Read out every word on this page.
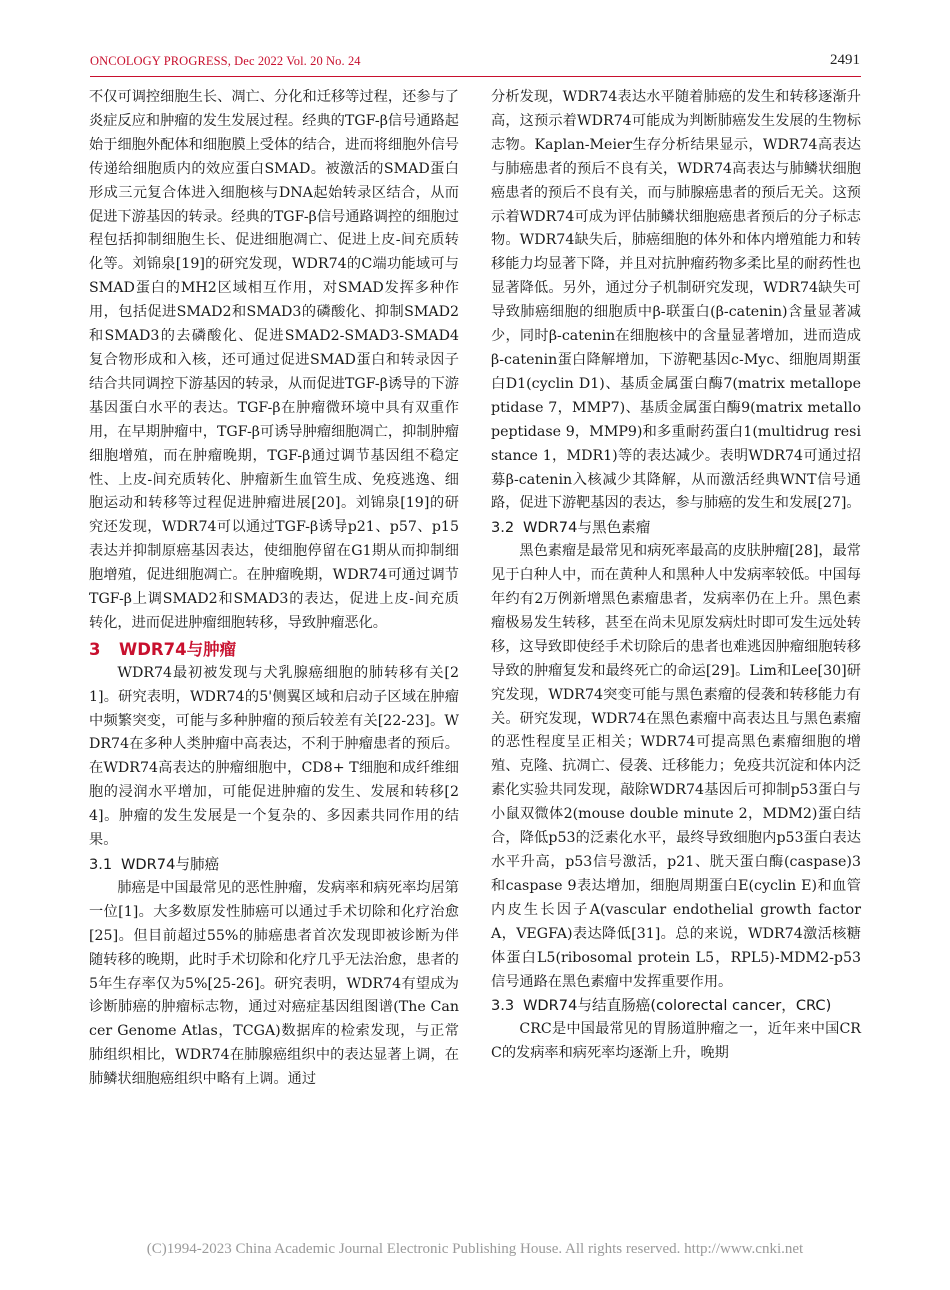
ONCOLOGY PROGRESS, Dec 2022 Vol. 20 No. 24	2491

不仅可调控细胞生长、凋亡、分化和迁移等过程，还参与了炎症反应和肿瘤的发生发展过程。经典的TGF-β信号通路起始于细胞外配体和细胞膜上受体的结合，进而将细胞外信号传递给细胞质内的效应蛋白SMAD。被激活的SMAD蛋白形成三元复合体进入细胞核与DNA起始转录区结合，从而促进下游基因的转录。经典的TGF-β信号通路调控的细胞过程包括抑制细胞生长、促进细胞凋亡、促进上皮-间充质转化等。刘锦泉[19]的研究发现，WDR74的C端功能域可与SMAD蛋白的MH2区域相互作用，对SMAD发挥多种作用，包括促进SMAD2和SMAD3的磷酸化、抑制SMAD2和SMAD3的去磷酸化、促进SMAD2-SMAD3-SMAD4复合物形成和入核，还可通过促进SMAD蛋白和转录因子结合共同调控下游基因的转录，从而促进TGF-β诱导的下游基因蛋白水平的表达。TGF-β在肿瘤微环境中具有双重作用，在早期肿瘤中，TGF-β可诱导肿瘤细胞凋亡，抑制肿瘤细胞增殖，而在肿瘤晚期，TGF-β通过调节基因组不稳定性、上皮-间充质转化、肿瘤新生血管生成、免疫逃逸、细胞运动和转移等过程促进肿瘤进展[20]。刘锦泉[19]的研究还发现，WDR74可以通过TGF-β诱导p21、p57、p15表达并抑制原癌基因表达，使细胞停留在G1期从而抑制细胞增殖，促进细胞凋亡。在肿瘤晚期，WDR74可通过调节TGF-β上调SMAD2和SMAD3的表达，促进上皮-间充质转化，进而促进肿瘤细胞转移，导致肿瘤恶化。

3 WDR74与肿瘤

WDR74最初被发现与犬乳腺癌细胞的肺转移有关[21]。研究表明，WDR74的5'侧翼区域和启动子区域在肿瘤中频繁突变，可能与多种肿瘤的预后较差有关[22-23]。WDR74在多种人类肿瘤中高表达，不利于肿瘤患者的预后。在WDR74高表达的肿瘤细胞中，CD8+ T细胞和成纤维细胞的浸润水平增加，可能促进肿瘤的发生、发展和转移[24]。肿瘤的发生发展是一个复杂的、多因素共同作用的结果。

3.1 WDR74与肺癌

肺癌是中国最常见的恶性肿瘤，发病率和病死率均居第一位[1]。大多数原发性肺癌可以通过手术切除和化疗治愈[25]。但目前超过55%的肺癌患者首次发现即被诊断为伴随转移的晚期，此时手术切除和化疗几乎无法治愈，患者的5年生存率仅为5%[25-26]。研究表明，WDR74有望成为诊断肺癌的肿瘤标志物，通过对癌症基因组图谱(The Cancer Genome Atlas，TCGA)数据库的检索发现，与正常肺组织相比，WDR74在肺腺癌组织中的表达显著上调，在肺鳞状细胞癌组织中略有上调。通过

分析发现，WDR74表达水平随着肺癌的发生和转移逐渐升高，这预示着WDR74可能成为判断肺癌发生发展的生物标志物。Kaplan-Meier生存分析结果显示，WDR74高表达与肺癌患者的预后不良有关，WDR74高表达与肺鳞状细胞癌患者的预后不良有关，而与肺腺癌患者的预后无关。这预示着WDR74可成为评估肺鳞状细胞癌患者预后的分子标志物。WDR74缺失后，肺癌细胞的体外和体内增殖能力和转移能力均显著下降，并且对抗肿瘤药物多柔比星的耐药性也显著降低。另外，通过分子机制研究发现，WDR74缺失可导致肺癌细胞的细胞质中β-联蛋白(β-catenin)含量显著减少，同时β-catenin在细胞核中的含量显著增加，进而造成β-catenin蛋白降解增加，下游靶基因c-Myc、细胞周期蛋白D1(cyclin D1)、基质金属蛋白酶7(matrix metallopeptidase 7，MMP7)、基质金属蛋白酶9(matrix metallopeptidase 9，MMP9)和多重耐药蛋白1(multidrug resistance 1，MDR1)等的表达减少。表明WDR74可通过招募β-catenin入核减少其降解，从而激活经典WNT信号通路，促进下游靶基因的表达，参与肺癌的发生和发展[27]。

3.2 WDR74与黑色素瘤

黑色素瘤是最常见和病死率最高的皮肤肿瘤[28]，最常见于白种人中，而在黄种人和黑种人中发病率较低。中国每年约有2万例新增黑色素瘤患者，发病率仍在上升。黑色素瘤极易发生转移，甚至在尚未见原发病灶时即可发生远处转移，这导致即使经手术切除后的患者也难逃因肿瘤细胞转移导致的肿瘤复发和最终死亡的命运[29]。Lim和Lee[30]研究发现，WDR74突变可能与黑色素瘤的侵袭和转移能力有关。研究发现，WDR74在黑色素瘤中高表达且与黑色素瘤的恶性程度呈正相关；WDR74可提高黑色素瘤细胞的增殖、克隆、抗凋亡、侵袭、迁移能力；免疫共沉淀和体内泛素化实验共同发现，敲除WDR74基因后可抑制p53蛋白与小鼠双微体2(mouse double minute 2，MDM2)蛋白结合，降低p53的泛素化水平，最终导致细胞内p53蛋白表达水平升高，p53信号激活，p21、胱天蛋白酶(caspase)3和caspase 9表达增加，细胞周期蛋白E(cyclin E)和血管内皮生长因子A(vascular endothelial growth factor A，VEGFA)表达降低[31]。总的来说，WDR74激活核糖体蛋白L5(ribosomal protein L5，RPL5)-MDM2-p53信号通路在黑色素瘤中发挥重要作用。

3.3 WDR74与结直肠癌(colorectal cancer，CRC)

CRC是中国最常见的胃肠道肿瘤之一，近年来中国CRC的发病率和病死率均逐渐上升，晚期

(C)1994-2023 China Academic Journal Electronic Publishing House. All rights reserved. http://www.cnki.net
